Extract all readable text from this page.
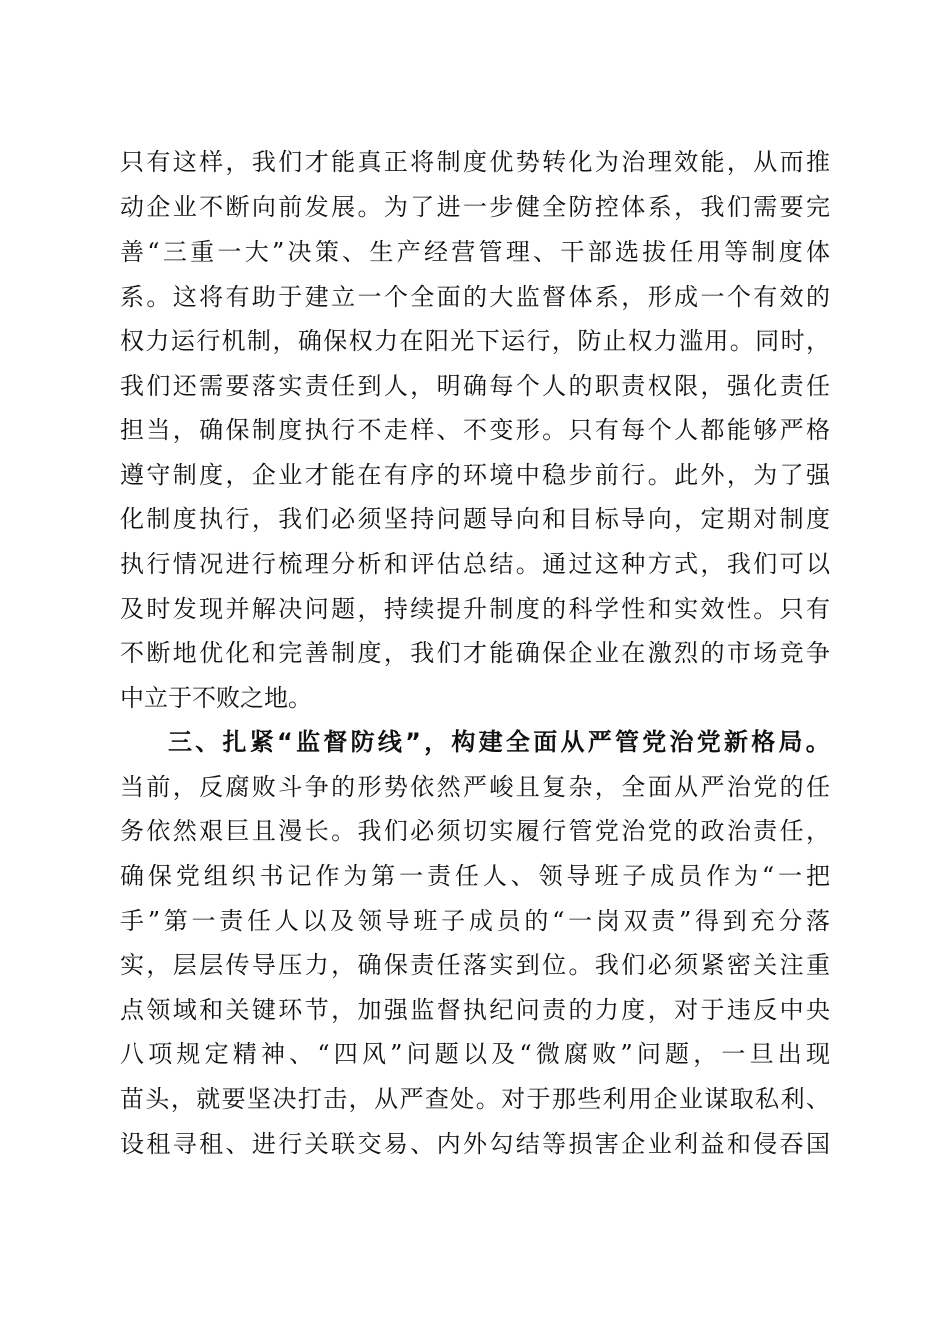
只有这样，我们才能真正将制度优势转化为治理效能，从而推
动企业不断向前发展。为了进一步健全防控体系，我们需要完
善“三重一大”决策、生产经营管理、干部选拔任用等制度体
系。这将有助于建立一个全面的大监督体系，形成一个有效的
权力运行机制，确保权力在阳光下运行，防止权力滥用。同时，
我们还需要落实责任到人，明确每个人的职责权限，强化责任
担当，确保制度执行不走样、不变形。只有每个人都能够严格
遵守制度，企业才能在有序的环境中稳步前行。此外，为了强
化制度执行，我们必须坚持问题导向和目标导向，定期对制度
执行情况进行梳理分析和评估总结。通过这种方式，我们可以
及时发现并解决问题，持续提升制度的科学性和实效性。只有
不断地优化和完善制度，我们才能确保企业在激烈的市场竞争
中立于不败之地。
三、扎紧“监督防线”，构建全面从严管党治党新格局。
当前，反腐败斗争的形势依然严峻且复杂，全面从严治党的任
务依然艰巨且漫长。我们必须切实履行管党治党的政治责任，
确保党组织书记作为第一责任人、领导班子成员作为“一把
手”第一责任人以及领导班子成员的“一岗双责”得到充分落
实，层层传导压力，确保责任落实到位。我们必须紧密关注重
点领域和关键环节，加强监督执纪问责的力度，对于违反中央
八项规定精神、“四风”问题以及“微腐败”问题，一旦出现
苗头，就要坚决打击，从严查处。对于那些利用企业谋取私利、
设租寻租、进行关联交易、内外勾结等损害企业利益和侵吞国
